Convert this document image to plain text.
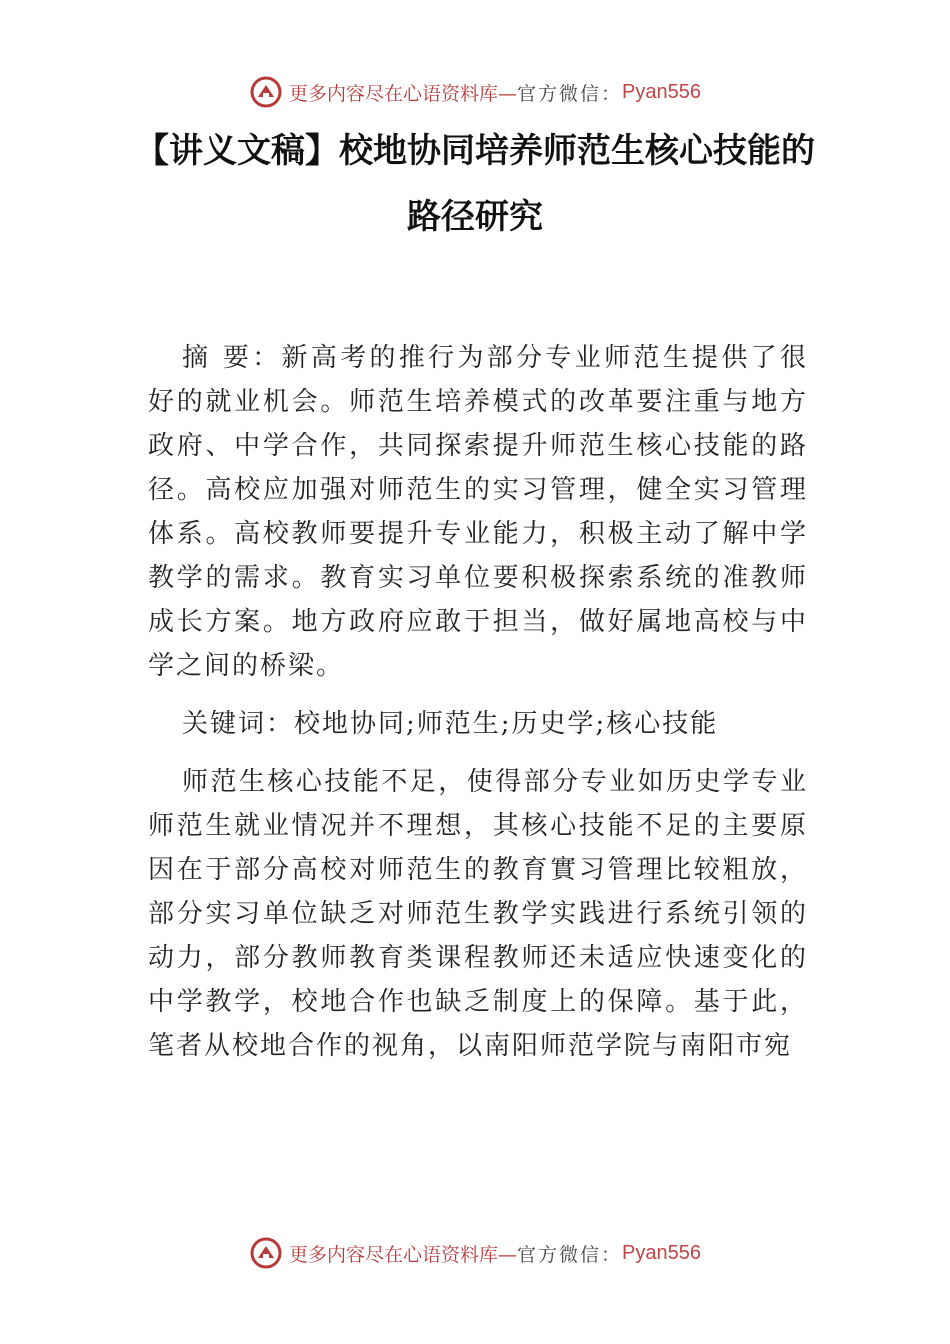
更多内容尽在心语资料库— 官方微信： Pyan556
【讲义文稿】校地协同培养师范生核心技能的
路径研究

摘 要：新高考的推行为部分专业师范生提供了很好的就业机会。师范生培养模式的改革要注重与地方政府、中学合作，共同探索提升师范生核心技能的路径。高校应加强对师范生的实习管理，健全实习管理体系。高校教师要提升专业能力，积极主动了解中学教学的需求。教育实习单位要积极探索系统的准教师成长方案。地方政府应敢于担当，做好属地高校与中学之间的桥梁。

关键词：校地协同;师范生;历史学;核心技能

师范生核心技能不足，使得部分专业如历史学专业师范生就业情况并不理想，其核心技能不足的主要原因在于部分高校对师范生的教育實习管理比较粗放，部分实习单位缺乏对师范生教学实践进行系统引领的动力，部分教师教育类课程教师还未适应快速变化的中学教学，校地合作也缺乏制度上的保障。基于此，笔者从校地合作的视角，以南阳师范学院与南阳市宛

更多内容尽在心语资料库— 官方微信： Pyan556
